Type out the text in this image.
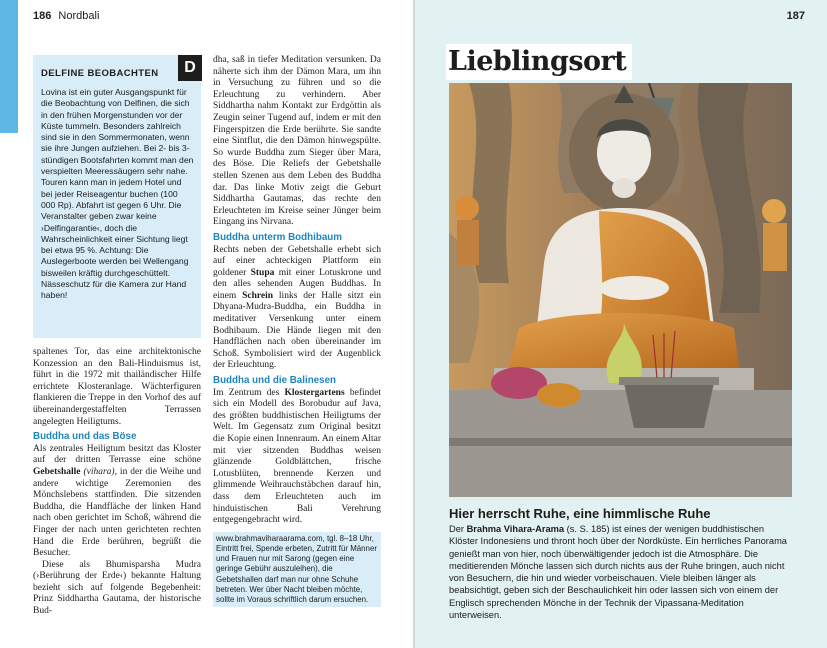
186 Nordbali	187
D
DELFINE BEOBACHTEN

Lovina ist ein guter Ausgangspunkt für die Beobachtung von Delfinen, die sich in den frühen Morgenstunden vor der Küste tummeln. Besonders zahlreich sind sie in den Sommermonaten, wenn sie ihre Jungen aufziehen. Bei 2- bis 3-stündigen Bootsfahrten kommt man den verspielten Meeressäugern sehr nahe. Touren kann man in jedem Hotel und bei jeder Reiseagentur buchen (100 000 Rp). Abfahrt ist gegen 6 Uhr. Die Veranstalter geben zwar keine ›Delfingarantie‹, doch die Wahrscheinlichkeit einer Sichtung liegt bei etwa 95 %. Achtung: Die Auslegerboote werden bei Wellengang bisweilen kräftig durchgeschüttelt. Nässeschutz für die Kamera zur Hand haben!

spaltenes Tor, das eine architektonische Konzession an den Bali-Hinduismus ist, führt in die 1972 mit thailändischer Hilfe errichtete Klosteranlage. Wächterfiguren flankieren die Treppe in den Vorhof des auf übereinandergestaffelten Terrassen angelegten Heiligtums.

Buddha und das Böse

Als zentrales Heiligtum besitzt das Kloster auf der dritten Terrasse eine schöne Gebetshalle (vihara), in der die Weihe und andere wichtige Zeremonien des Mönchslebens stattfinden. Die sitzenden Buddha, die Handfläche der linken Hand nach oben gerichtet im Schoß, während die Finger der nach unten gerichteten rechten Hand die Erde berühren, begrüßt die Besucher.

Diese als Bhumisparsha Mudra (›Berührung der Erde‹) bekannte Haltung bezieht sich auf folgende Begebenheit: Prinz Siddhartha Gautama, der historische Bud-

dha, saß in tiefer Meditation versunken. Da näherte sich ihm der Dämon Mara, um ihn in Versuchung zu führen und so die Erleuchtung zu verhindern. Aber Siddhartha nahm Kontakt zur Erdgöttin als Zeugin seiner Tugend auf, indem er mit den Fingerspitzen die Erde berührte. Sie sandte eine Sintflut, die den Dämon hinwegspülte. So wurde Buddha zum Sieger über Mara, des Böse. Die Reliefs der Gebetshalle stellen Szenen aus dem Leben des Buddha dar. Das linke Motiv zeigt die Geburt Siddhartha Gautamas, das rechte den Erleuchteten im Kreise seiner Jünger beim Eingang ins Nirvana.

Buddha unterm Bodhibaum

Rechts neben der Gebetshalle erhebt sich auf einer achteckigen Plattform ein goldener Stupa mit einer Lotuskrone und den alles sehenden Augen Buddhas. In einem Schrein links der Halle sitzt ein Dhyana-Mudra-Buddha, ein Buddha in meditativer Versenkung unter einem Bodhibaum. Die Hände liegen mit den Handflächen nach oben übereinander im Schoß. Symbolisiert wird der Augenblick der Erleuchtung.

Buddha und die Balinesen

Im Zentrum des Klostergartens befindet sich ein Modell des Borobudur auf Java, des größten buddhistischen Heiligtums der Welt. Im Gegensatz zum Original besitzt die Kopie einen Innenraum. An einem Altar mit vier sitzenden Buddhas weisen glänzende Goldblättchen, frische Lotusblüten, brennende Kerzen und glimmende Weihrauchstäbchen darauf hin, dass dem Erleuchteten auch im hinduistischen Bali Verehrung entgegengebracht wird.

www.brahmaviharaarama.com, tgl. 8–18 Uhr, Eintritt frei, Spende erbeten, Zutritt für Männer und Frauen nur mit Sarong (gegen eine geringe Gebühr auszuleihen), die Gebetshallen darf man nur ohne Schuhe betreten. Wer über Nacht bleiben möchte, sollte im Voraus schriftlich darum ersuchen.

Lieblingsort
Hier herrscht Ruhe, eine himmlische Ruhe

Der Brahma Vihara-Arama (s. S. 185) ist eines der wenigen buddhistischen Klöster Indonesiens und thront hoch über der Nordküste. Ein herrliches Panorama genießt man von hier, noch überwältigender jedoch ist die Atmosphäre. Die meditierenden Mönche lassen sich durch nichts aus der Ruhe bringen, auch nicht von Besuchern, die hin und wieder vorbeischauen. Viele bleiben länger als beabsichtigt, geben sich der Beschaulichkeit hin oder lassen sich von einem der Englisch sprechenden Mönche in der Technik der Vipassana-Meditation unterweisen.
